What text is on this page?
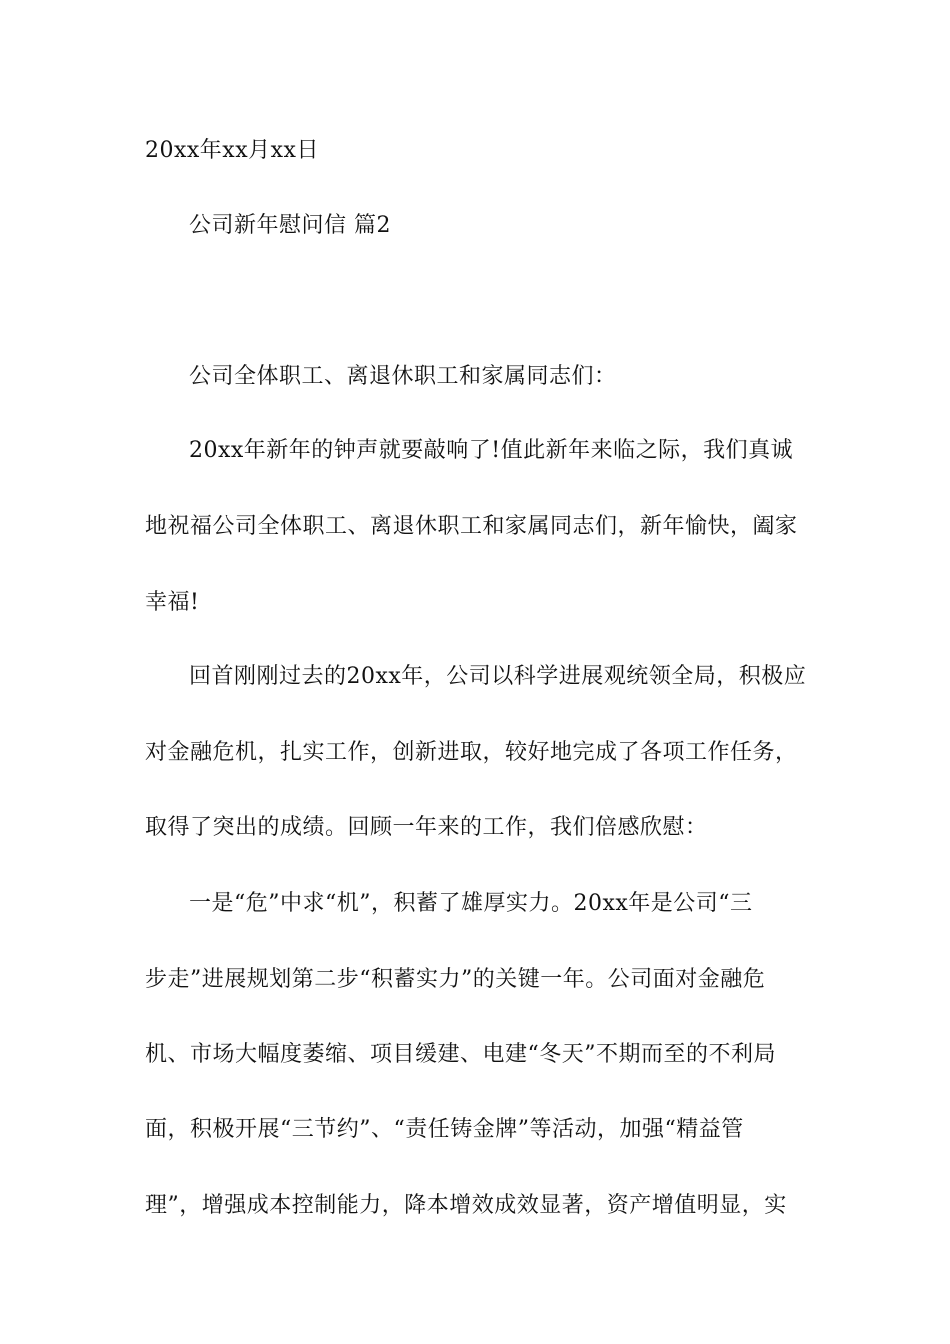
20xx年xx月xx日
公司新年慰问信 篇2
公司全体职工、离退休职工和家属同志们：
20xx年新年的钟声就要敲响了!值此新年来临之际，我们真诚
地祝福公司全体职工、离退休职工和家属同志们，新年愉快，阖家
幸福!
回首刚刚过去的20xx年，公司以科学进展观统领全局，积极应
对金融危机，扎实工作，创新进取，较好地完成了各项工作任务，
取得了突出的成绩。回顾一年来的工作，我们倍感欣慰：
一是“危”中求“机”，积蓄了雄厚实力。20xx年是公司“三
步走”进展规划第二步“积蓄实力”的关键一年。公司面对金融危
机、市场大幅度萎缩、项目缓建、电建“冬天”不期而至的不利局
面，积极开展“三节约”、“责任铸金牌”等活动，加强“精益管
理”，增强成本控制能力，降本增效成效显著，资产增值明显，实
